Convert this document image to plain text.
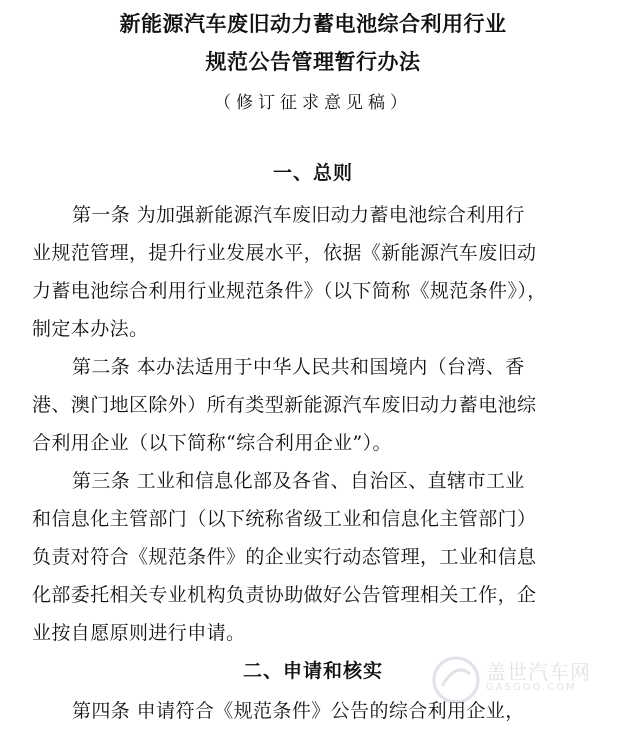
新能源汽车废旧动力蓄电池综合利用行业
规范公告管理暂行办法
（修订征求意见稿）
一、总则
第一条 为加强新能源汽车废旧动力蓄电池综合利用行
业规范管理，提升行业发展水平，依据《新能源汽车废旧动
力蓄电池综合利用行业规范条件》（以下简称《规范条件》），
制定本办法。
第二条 本办法适用于中华人民共和国境内（台湾、香
港、澳门地区除外）所有类型新能源汽车废旧动力蓄电池综
合利用企业（以下简称“综合利用企业”）。
第三条 工业和信息化部及各省、自治区、直辖市工业
和信息化主管部门（以下统称省级工业和信息化主管部门）
负责对符合《规范条件》的企业实行动态管理，工业和信息
化部委托相关专业机构负责协助做好公告管理相关工作，企
业按自愿原则进行申请。
二、申请和核实
第四条 申请符合《规范条件》公告的综合利用企业，
盖世汽车网
GASGOO.COM
